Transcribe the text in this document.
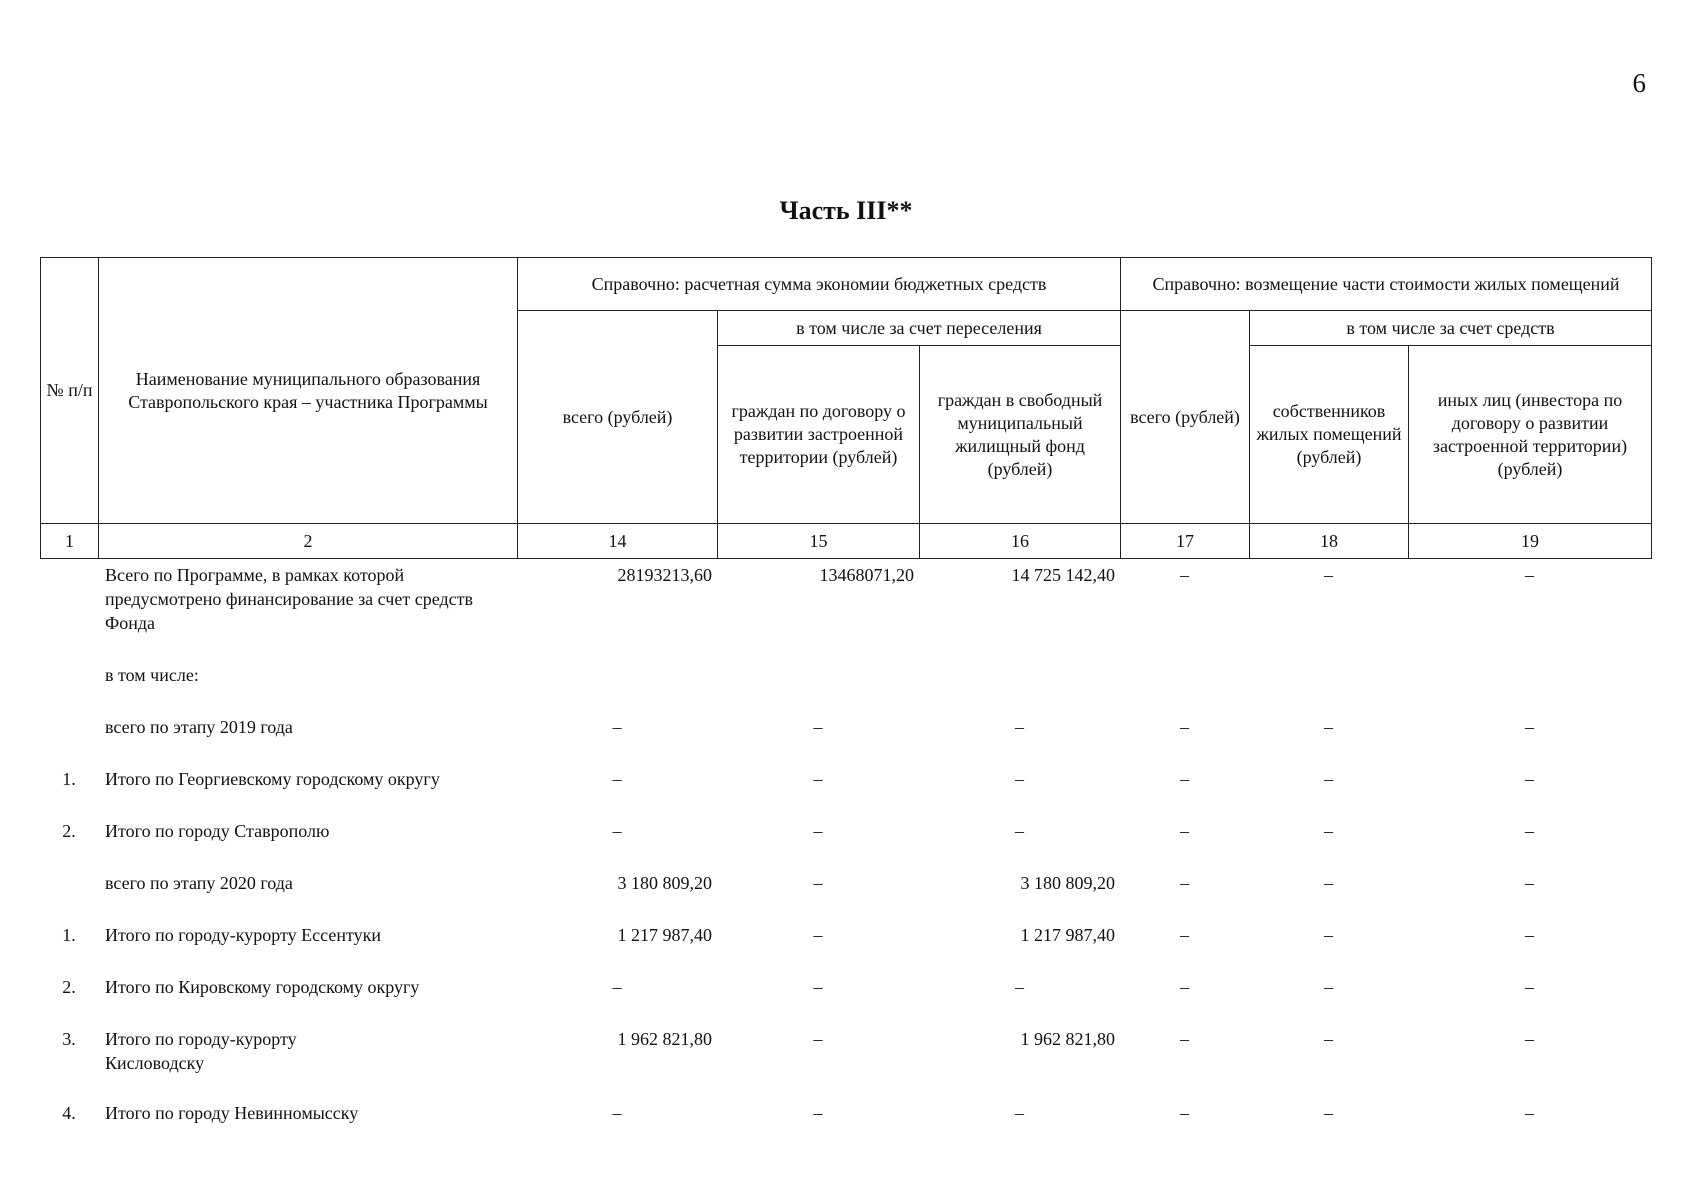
6
Часть III**
№ п/п	Наименование муниципального образования Ставропольского края – участника Программы	Справочно: расчетная сумма экономии бюджетных средств			Справочно: возмещение части стоимости жилых помещений		
		всего (рублей)	в том числе за счет переселения		всего (рублей)	в том числе за счет средств	
			граждан по договору о развитии застроенной территории (рублей)	граждан в свободный муниципальный жилищный фонд (рублей)		собственников жилых помещений (рублей)	иных лиц (инвестора по договору о развитии застроенной территории) (рублей)
1	2	14	15	16	17	18	19
	Всего по Программе, в рамках которой предусмотрено финансирование за счет средств Фонда	28193213,60	13468071,20	14 725 142,40	–	–	–
	в том числе:						
	всего по этапу 2019 года	–	–	–	–	–	–
1.	Итого по Георгиевскому городскому округу	–	–	–	–	–	–
2.	Итого по городу Ставрополю	–	–	–	–	–	–
	всего по этапу 2020 года	3 180 809,20	–	3 180 809,20	–	–	–
1.	Итого по городу-курорту Ессентуки	1 217 987,40	–	1 217 987,40	–	–	–
2.	Итого по Кировскому городскому округу	–	–	–	–	–	–
3.	Итого по городу-курорту Кисловодску	1 962 821,80	–	1 962 821,80	–	–	–
4.	Итого по городу Невинномысску	–	–	–	–	–	–
